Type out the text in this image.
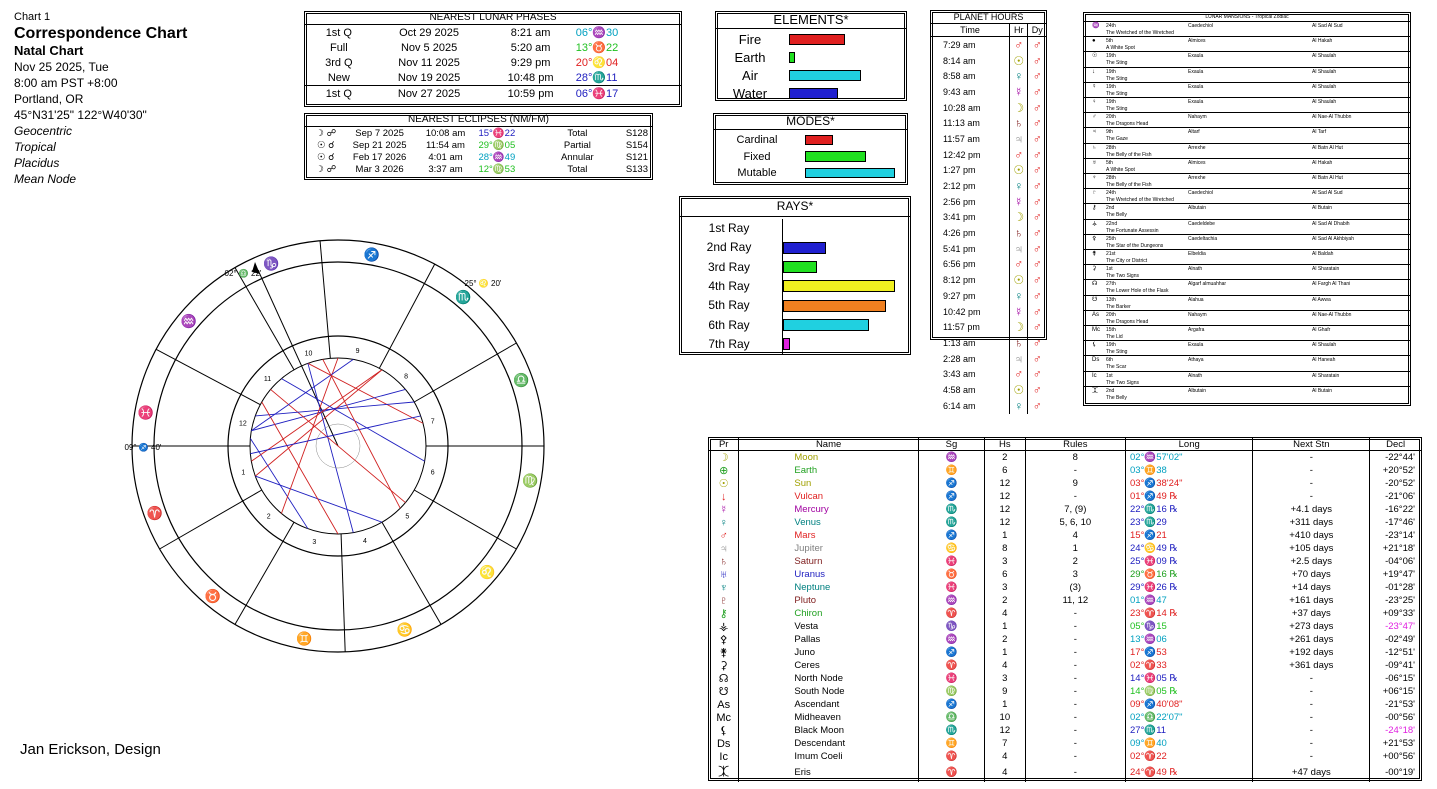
Chart 1
Correspondence Chart
Natal Chart
Nov 25 2025, Tue
8:00 am PST +8:00
Portland, OR
45°N31'25" 122°W40'30"
Geocentric
Tropical
Placidus
Mean Node
Jan Erickson, Design
NEAREST LUNAR PHASES
1st Q	Oct 29 2025	8:21 am	06°♒30
Full	Nov 5 2025	5:20 am	13°♉22
3rd Q	Nov 11 2025	9:29 pm	20°♌04
New	Nov 19 2025	10:48 pm	28°♏11
1st Q	Nov 27 2025	10:59 pm	06°♓17
NEAREST ECLIPSES (NM/FM)
☽ ☍	Sep 7 2025	10:08 am	15°♓22	Total	S128
☉ ☌	Sep 21 2025	11:54 am	29°♍05	Partial	S154
☉ ☌	Feb 17 2026	4:01 am	28°♒49	Annular	S121
☽ ☍	Mar 3 2026	3:37 am	12°♍53	Total	S133
ELEMENTS*
Fire
Earth
Air
Water
MODES*
Cardinal
Fixed
Mutable
RAYS*
1st Ray
2nd Ray
3rd Ray
4th Ray
5th Ray
6th Ray
7th Ray
PLANET HOURS
Time	Hr	Dy
7:29 am	♂	♂
8:14 am	☉	♂
8:58 am	♀	♂
9:43 am	☿	♂
10:28 am	☽	♂
11:13 am	♄	♂
11:57 am	♃	♂
12:42 pm	♂	♂
1:27 pm	☉	♂
2:12 pm	♀	♂
2:56 pm	☿	♂
3:41 pm	☽	♂
4:26 pm	♄	♂
5:41 pm	♃	♂
6:56 pm	♂	♂
8:12 pm	☉	♂
9:27 pm	♀	♂
10:42 pm	☿	♂
11:57 pm	☽	♂
1:13 am	♄	♂
2:28 am	♃	♂
3:43 am	♂	♂
4:58 am	☉	♂
6:14 am	♀	♂
LUNAR MANSIONS - Tropical Zodiac
♒ 24th	Caedechiol	Al Sad Al Sud
The Wretched of the Wretched
● 5th	Almices	Al Hakah
A White Spot
☉ 19th	Exaula	Al Shaulah
The Sting
↓ 19th	Exaula	Al Shaulah
The Sting
☿ 19th	Exaula	Al Shaulah
The Sting
♀ 19th	Exaula	Al Shaulah
The Sting
♂ 20th	Nahaym	Al Nae-Al Thubbn
The Dragons Head
♃ 9th	Altarf	Al Tarf
The Gaze
♄ 28th	Arrexhe	Al Batn Al Hut
The Belly of the Fish
♅ 5th	Almices	Al Hakah
A White Spot
♆ 28th	Arrexhe	Al Batn Al Hut
The Belly of the Fish
♇ 24th	Caedechiol	Al Sad Al Sud
The Wretched of the Wretched
⚷ 2nd	Albutain	Al Butain
The Belly
⚶ 22nd	Caedeldebe	Al Sad Al Dhabih
The Fortunate Assessin
⚴ 25th	Caedeltachia	Al Sad Al Akhbiyah
The Star of the Dungeons
⚵ 21st	Elbeldia	Al Baldah
The City or District
⚳ 1st	Alnath	Al Sharatain
The Two Signs
☊ 27th	Algarf almuahhar	Al Fargh Al Thani
The Lower Hole of the Flask
☋ 13th	Alahua	Al Awwa
The Barker
As 20th	Nahaym	Al Nae-Al Thubbn
The Dragons Head
Mc 15th	Argafra	Al Ghafr
The Lid
⚸ 19th	Exaula	Al Shaulah
The Sting
Ds 6th	Athaya	Al Haneah
The Scar
Ic 1st	Alnath	Al Sharatain
The Two Signs
⯰ 2nd	Albutain	Al Butain
The Belly
Pr	Name	Sg	Hs	Rules	Long	Next Stn	Decl
☽	Moon	♒	2	8	02°♒57'02"	-	-22°44'
⊕	Earth	♊	6	-	03°♊38	-	+20°52'
☉	Sun	♐	12	9	03°♐38'24"	-	-20°52'
↓	Vulcan	♐	12	-	01°♐49 ℞	-	-21°06'
☿	Mercury	♏	12	7, (9)	22°♏16 ℞	+4.1 days	-16°22'
♀	Venus	♏	12	5, 6, 10	23°♏29	+311 days	-17°46'
♂	Mars	♐	1	4	15°♐21	+410 days	-23°14'
♃	Jupiter	♋	8	1	24°♋49 ℞	+105 days	+21°18'
♄	Saturn	♓	3	2	25°♓09 ℞	+2.5 days	-04°06'
♅	Uranus	♉	6	3	29°♉16 ℞	+70 days	+19°47'
♆	Neptune	♓	3	(3)	29°♓26 ℞	+14 days	-01°28'
♇	Pluto	♒	2	11, 12	01°♒47	+161 days	-23°25'
⚷	Chiron	♈	4	-	23°♈14 ℞	+37 days	+09°33'
⚶	Vesta	♑	1	-	05°♑15	+273 days	-23°47'
⚴	Pallas	♒	2	-	13°♒06	+261 days	-02°49'
⚵	Juno	♐	1	-	17°♐53	+192 days	-12°51'
⚳	Ceres	♈	4	-	02°♈33	+361 days	-09°41'
☊	North Node	♓	3	-	14°♓05 ℞	-	-06°15'
☋	South Node	♍	9	-	14°♍05 ℞	-	+06°15'
As	Ascendant	♐	1	-	09°♐40'08"	-	-21°53'
Mc	Midheaven	♎	10	-	02°♎22'07"	-	-00°56'
⚸	Black Moon	♏	12	-	27°♏11	-	-24°18'
Ds	Descendant	♊	7	-	09°♊40	-	+21°53'
Ic	Imum Coeli	♈	4	-	02°♈22	-	+00°56'
⯰	Eris	♈	4	-	24°♈49 ℞	+47 days	-00°19'
1
2
3	4
5
6
7
8
9
10
11
12
♈
♉
♊
♋
♌
♍
♎
♏
♐
♑
♒
♓
02° ♎ 22'
25° ♌ 20'
09° ♐ 40'
